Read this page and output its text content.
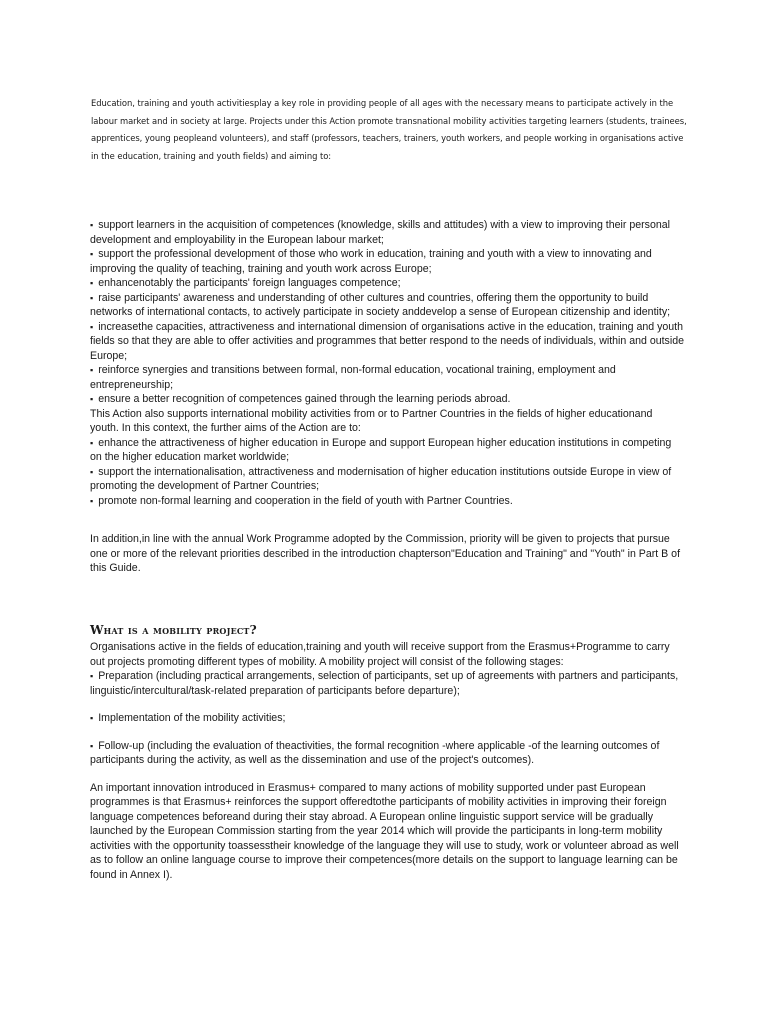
Education, training and youth activitiesplay a key role in providing people of all ages with the necessary means to participate actively in the labour market and in society at large. Projects under this Action promote transnational mobility activities targeting learners (students, trainees, apprentices, young peopleand volunteers), and staff (professors, teachers, trainers, youth workers, and people working in organisations active in the education, training and youth fields) and aiming to:

▪  support learners in the acquisition of competences (knowledge, skills and attitudes) with a view to improving their personal development and employability in the European labour market;

▪  support the professional development of those who work in education, training and youth with a view to innovating and improving the quality of teaching, training and youth work across Europe;

▪  enhancenotably the participants' foreign languages competence;

▪  raise participants' awareness and understanding of other cultures and countries, offering them the opportunity to build networks of international contacts, to actively participate in society anddevelop a sense of European citizenship and identity;

▪  increasethe capacities, attractiveness and international dimension of organisations active in the education, training and youth fields so that they are able to offer activities and programmes that better respond to the needs of individuals, within and outside Europe;

▪  reinforce synergies and transitions between formal, non-formal education, vocational training, employment and entrepreneurship;

▪  ensure a better recognition of competences gained through the learning periods abroad.

This Action also supports international mobility activities from or to Partner Countries in the fields of higher educationand youth. In this context, the further aims of the Action are to:

▪  enhance the attractiveness of higher education in Europe and support European higher education institutions in competing on the higher education market worldwide;

▪  support the internationalisation, attractiveness and modernisation of higher education institutions outside Europe in view of promoting the development of Partner Countries;

▪  promote non-formal learning and cooperation in the field of youth with Partner Countries.

In addition,in line with the annual Work Programme adopted by the Commission, priority will be given to projects that pursue one or more of the relevant priorities described in the introduction chapterson"Education and Training" and "Youth" in Part B of this Guide.

What is a mobility project?

Organisations active in the fields of education,training and youth will receive support from the Erasmus+Programme to carry out projects promoting different types of mobility. A mobility project will consist of the following stages:

▪  Preparation (including practical arrangements, selection of participants, set up of agreements with partners and participants, linguistic/intercultural/task-related preparation of participants before departure);

▪  Implementation of the mobility activities;

▪  Follow-up (including the evaluation of theactivities, the formal recognition -where applicable -of the learning outcomes of participants during the activity, as well as the dissemination and use of the project's outcomes).

An important innovation introduced in Erasmus+ compared to many actions of mobility supported under past European programmes is that Erasmus+ reinforces the support offeredtothe participants of mobility activities in improving their foreign language competences beforeand during their stay abroad. A European online linguistic support service will be gradually launched by the European Commission starting from the year 2014 which will provide the participants in long-term mobility activities with the opportunity toassesstheir knowledge of the language they will use to study, work or volunteer abroad as well as to follow an online language course to improve their competences(more details on the support to language learning can be found in Annex I).
